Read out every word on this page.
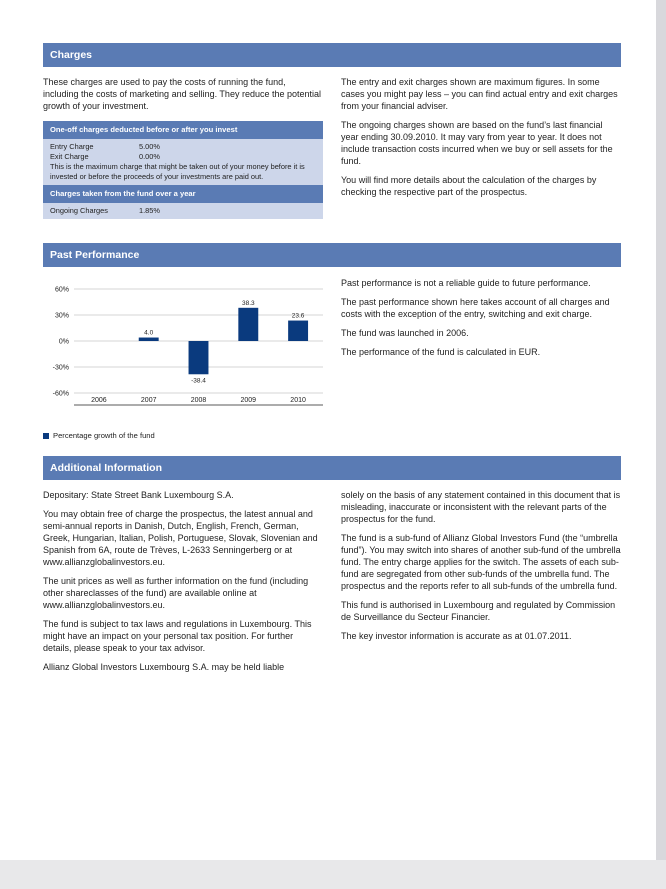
Charges

These charges are used to pay the costs of running the fund, including the costs of marketing and selling. They reduce the potential growth of your investment.

One-off charges deducted before or after you invest
Entry Charge	5.00%
Exit Charge	0.00%
This is the maximum charge that might be taken out of your money before it is invested or before the proceeds of your investments are paid out.
Charges taken from the fund over a year
Ongoing Charges	1.85%

The entry and exit charges shown are maximum figures. In some cases you might pay less – you can find actual entry and exit charges from your financial adviser.

The ongoing charges shown are based on the fund’s last financial year ending 30.09.2010. It may vary from year to year. It does not include transaction costs incurred when we buy or sell assets for the fund.

You will find more details about the calculation of the charges by checking the respective part of the prospectus.

Past Performance
60%
30%
0%
-30%
-60%
2006	2007
4.0
2008
-38.4
2009
38.3
2010
23.6
Percentage growth of the fund

Past performance is not a reliable guide to future performance.

The past performance shown here takes account of all charges and costs with the exception of the entry, switching and exit charge.

The fund was launched in 2006.

The performance of the fund is calculated in EUR.

Additional Information

Depositary: State Street Bank Luxembourg S.A.

You may obtain free of charge the prospectus, the latest annual and semi-annual reports in Danish, Dutch, English, French, German, Greek, Hungarian, Italian, Polish, Portuguese, Slovak, Slovenian and Spanish from 6A, route de Trèves, L-2633 Senningerberg or at www.allianzglobalinvestors.eu.

The unit prices as well as further information on the fund (including other shareclasses of the fund) are available online at www.allianzglobalinvestors.eu.

The fund is subject to tax laws and regulations in Luxembourg. This might have an impact on your personal tax position. For further details, please speak to your tax advisor.

Allianz Global Investors Luxembourg S.A. may be held liable

solely on the basis of any statement contained in this document that is misleading, inaccurate or inconsistent with the relevant parts of the prospectus for the fund.

The fund is a sub-fund of Allianz Global Investors Fund (the “umbrella fund”). You may switch into shares of another sub-fund of the umbrella fund. The entry charge applies for the switch. The assets of each sub-fund are segregated from other sub-funds of the umbrella fund. The prospectus and the reports refer to all sub-funds of the umbrella fund.

This fund is authorised in Luxembourg and regulated by Commission de Surveillance du Secteur Financier.

The key investor information is accurate as at 01.07.2011.
